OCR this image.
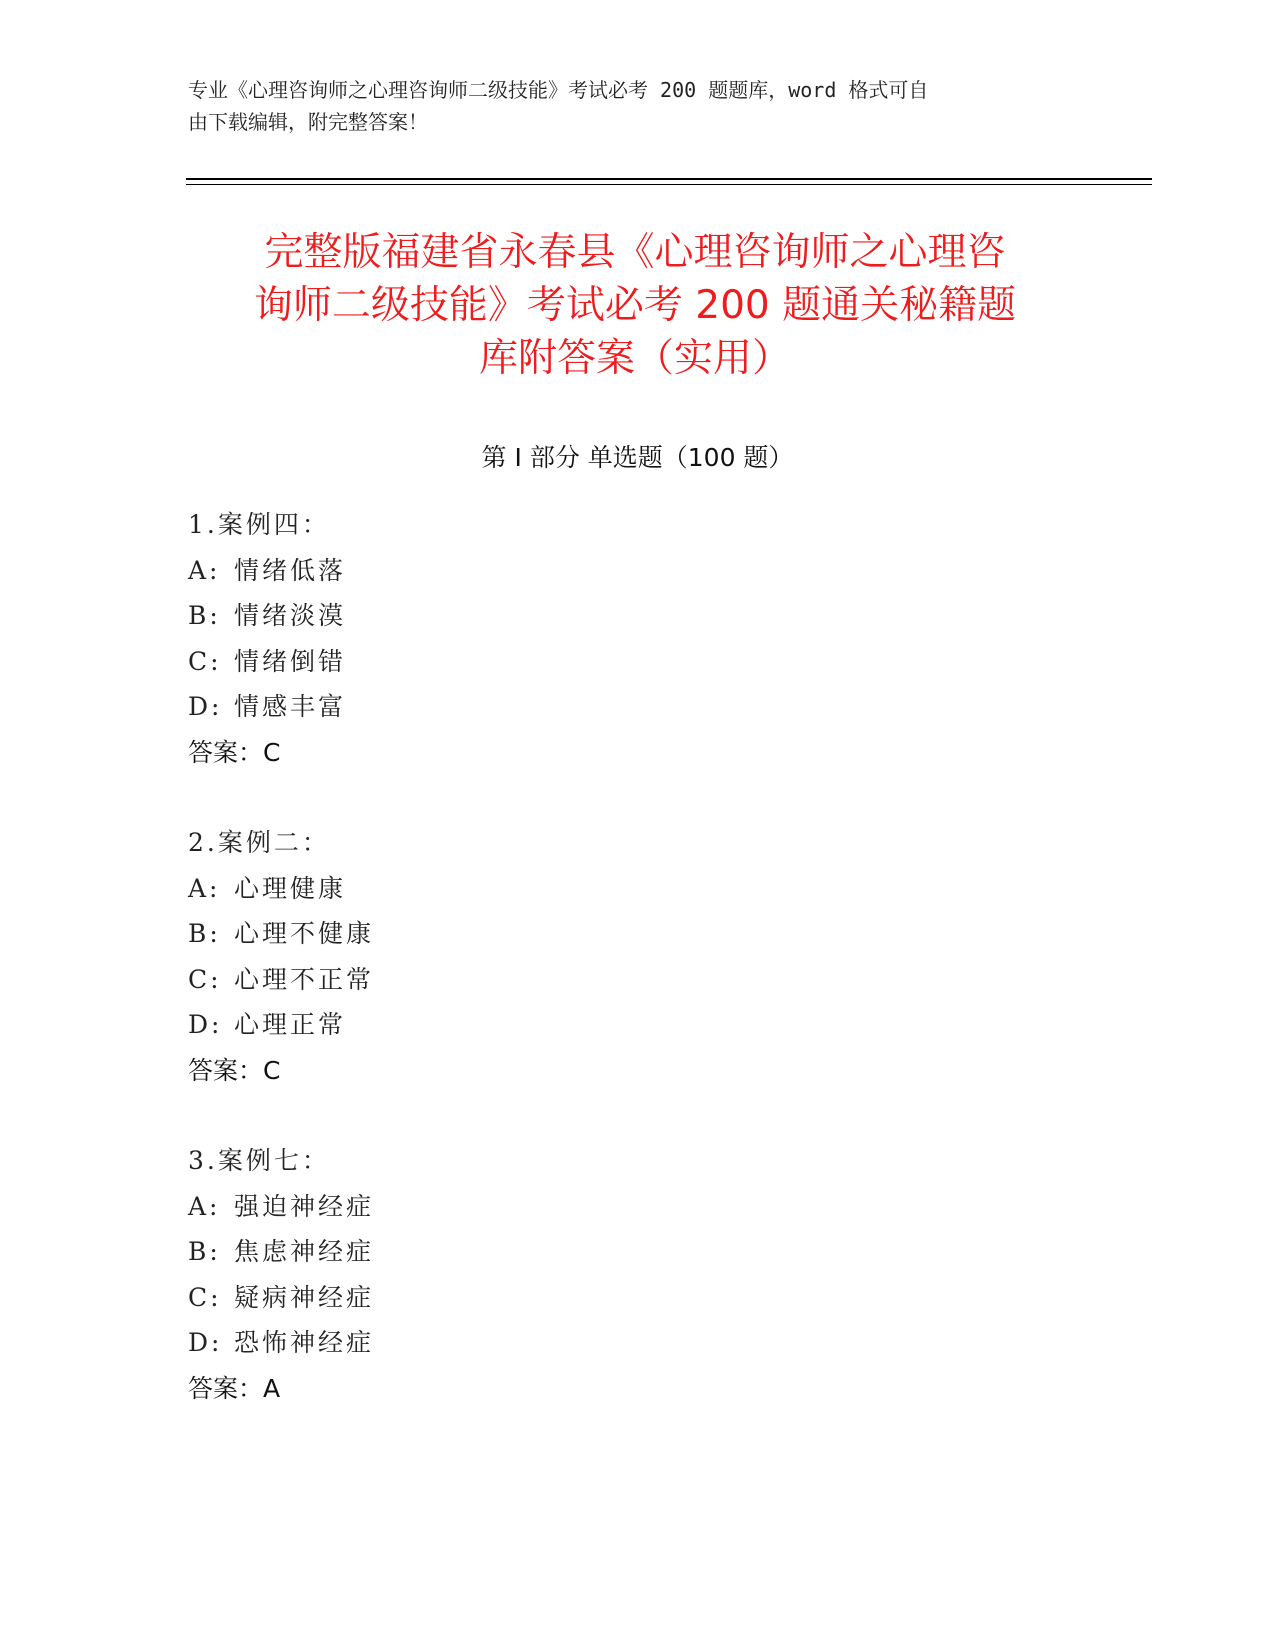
专业《心理咨询师之心理咨询师二级技能》考试必考 200 题题库，word 格式可自
由下载编辑，附完整答案！
完整版福建省永春县《心理咨询师之心理咨
询师二级技能》考试必考 200 题通关秘籍题
库附答案（实用）
第 I 部分 单选题（100 题）
1.案例四：
A: 情绪低落
B: 情绪淡漠
C: 情绪倒错
D: 情感丰富
答案：C
2.案例二：
A: 心理健康
B: 心理不健康
C: 心理不正常
D: 心理正常
答案：C
3.案例七：
A: 强迫神经症
B: 焦虑神经症
C: 疑病神经症
D: 恐怖神经症
答案：A
